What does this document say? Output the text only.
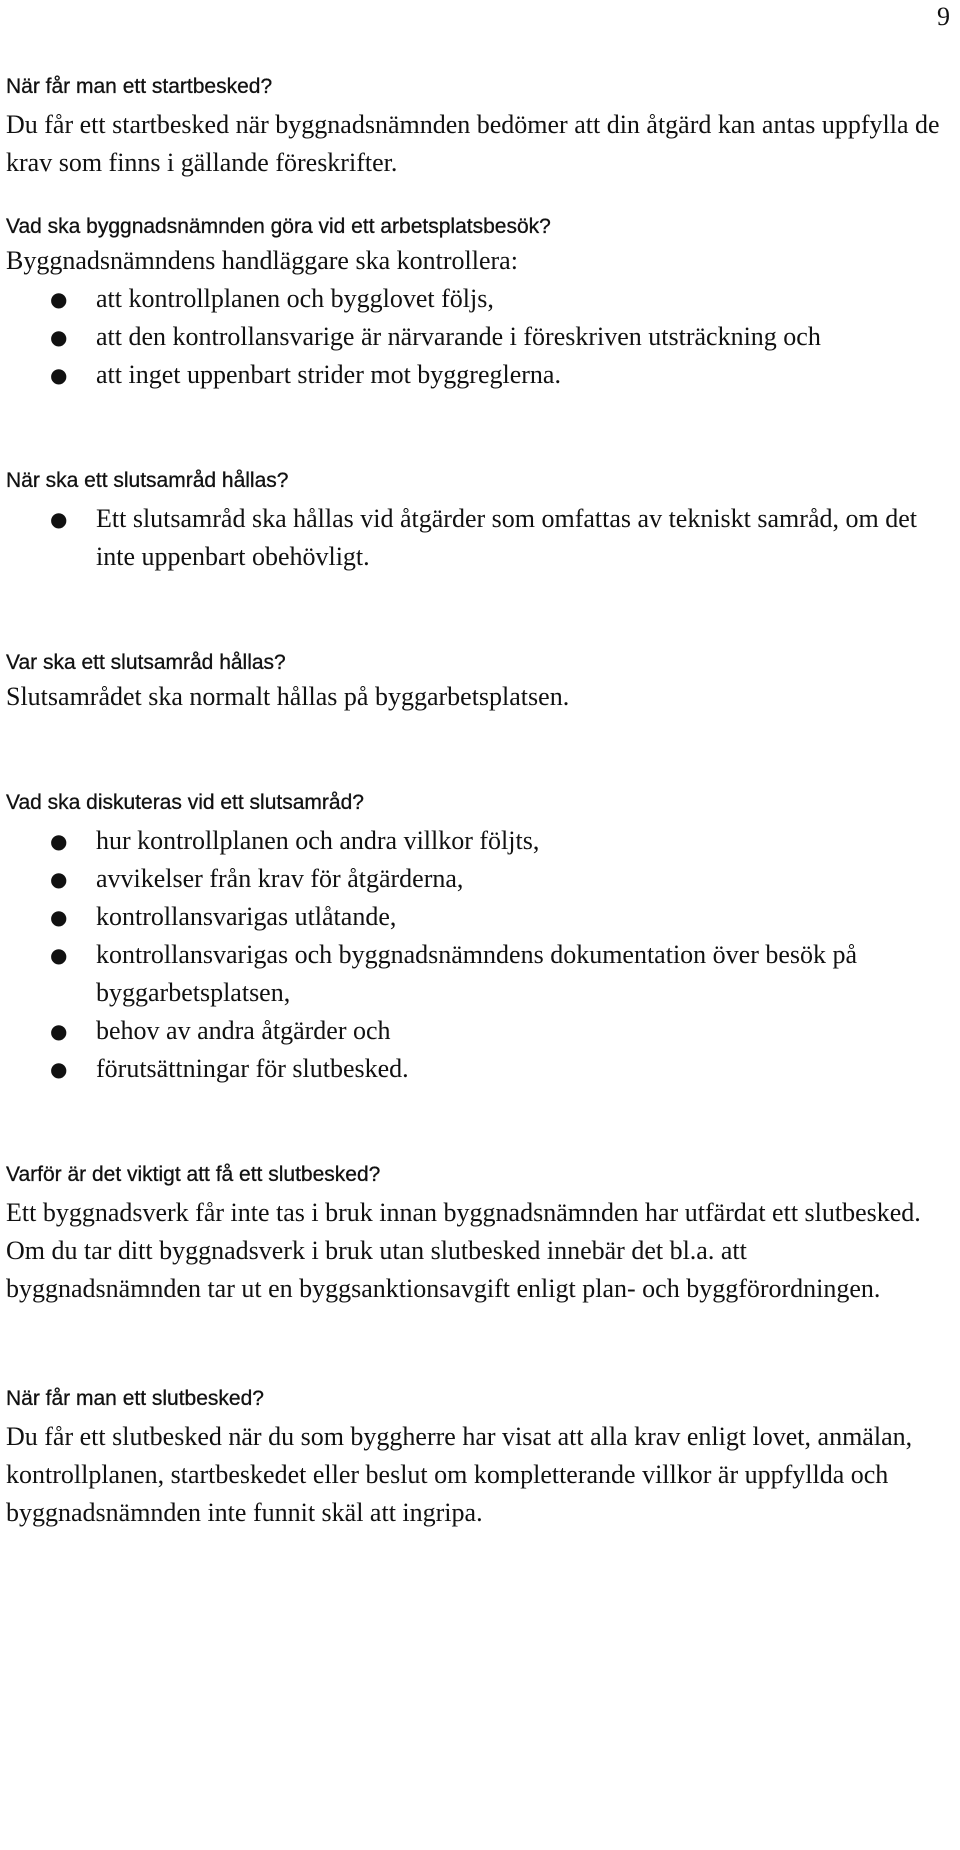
9
När får man ett startbesked?

Du får ett startbesked när byggnadsnämnden bedömer att din åtgärd kan antas uppfylla de krav som finns i gällande föreskrifter.

Vad ska byggnadsnämnden göra vid ett arbetsplatsbesök?

Byggnadsnämndens handläggare ska kontrollera:

● att kontrollplanen och bygglovet följs,
● att den kontrollansvarige är närvarande i föreskriven utsträckning och
● att inget uppenbart strider mot byggreglerna.
När ska ett slutsamråd hållas?
● Ett slutsamråd ska hållas vid åtgärder som omfattas av tekniskt samråd, om det inte uppenbart obehövligt.
Var ska ett slutsamråd hållas?

Slutsamrådet ska normalt hållas på byggarbetsplatsen.

Vad ska diskuteras vid ett slutsamråd?
● hur kontrollplanen och andra villkor följts,
● avvikelser från krav för åtgärderna,
● kontrollansvarigas utlåtande,
● kontrollansvarigas och byggnadsnämndens dokumentation över besök på byggarbetsplatsen,
● behov av andra åtgärder och
● förutsättningar för slutbesked.
Varför är det viktigt att få ett slutbesked?

Ett byggnadsverk får inte tas i bruk innan byggnadsnämnden har utfärdat ett slutbesked. Om du tar ditt byggnadsverk i bruk utan slutbesked innebär det bl.a. att byggnadsnämnden tar ut en byggsanktionsavgift enligt plan- och byggförordningen.

När får man ett slutbesked?

Du får ett slutbesked när du som byggherre har visat att alla krav enligt lovet, anmälan, kontrollplanen, startbeskedet eller beslut om kompletterande villkor är uppfyllda och byggnadsnämnden inte funnit skäl att ingripa.
